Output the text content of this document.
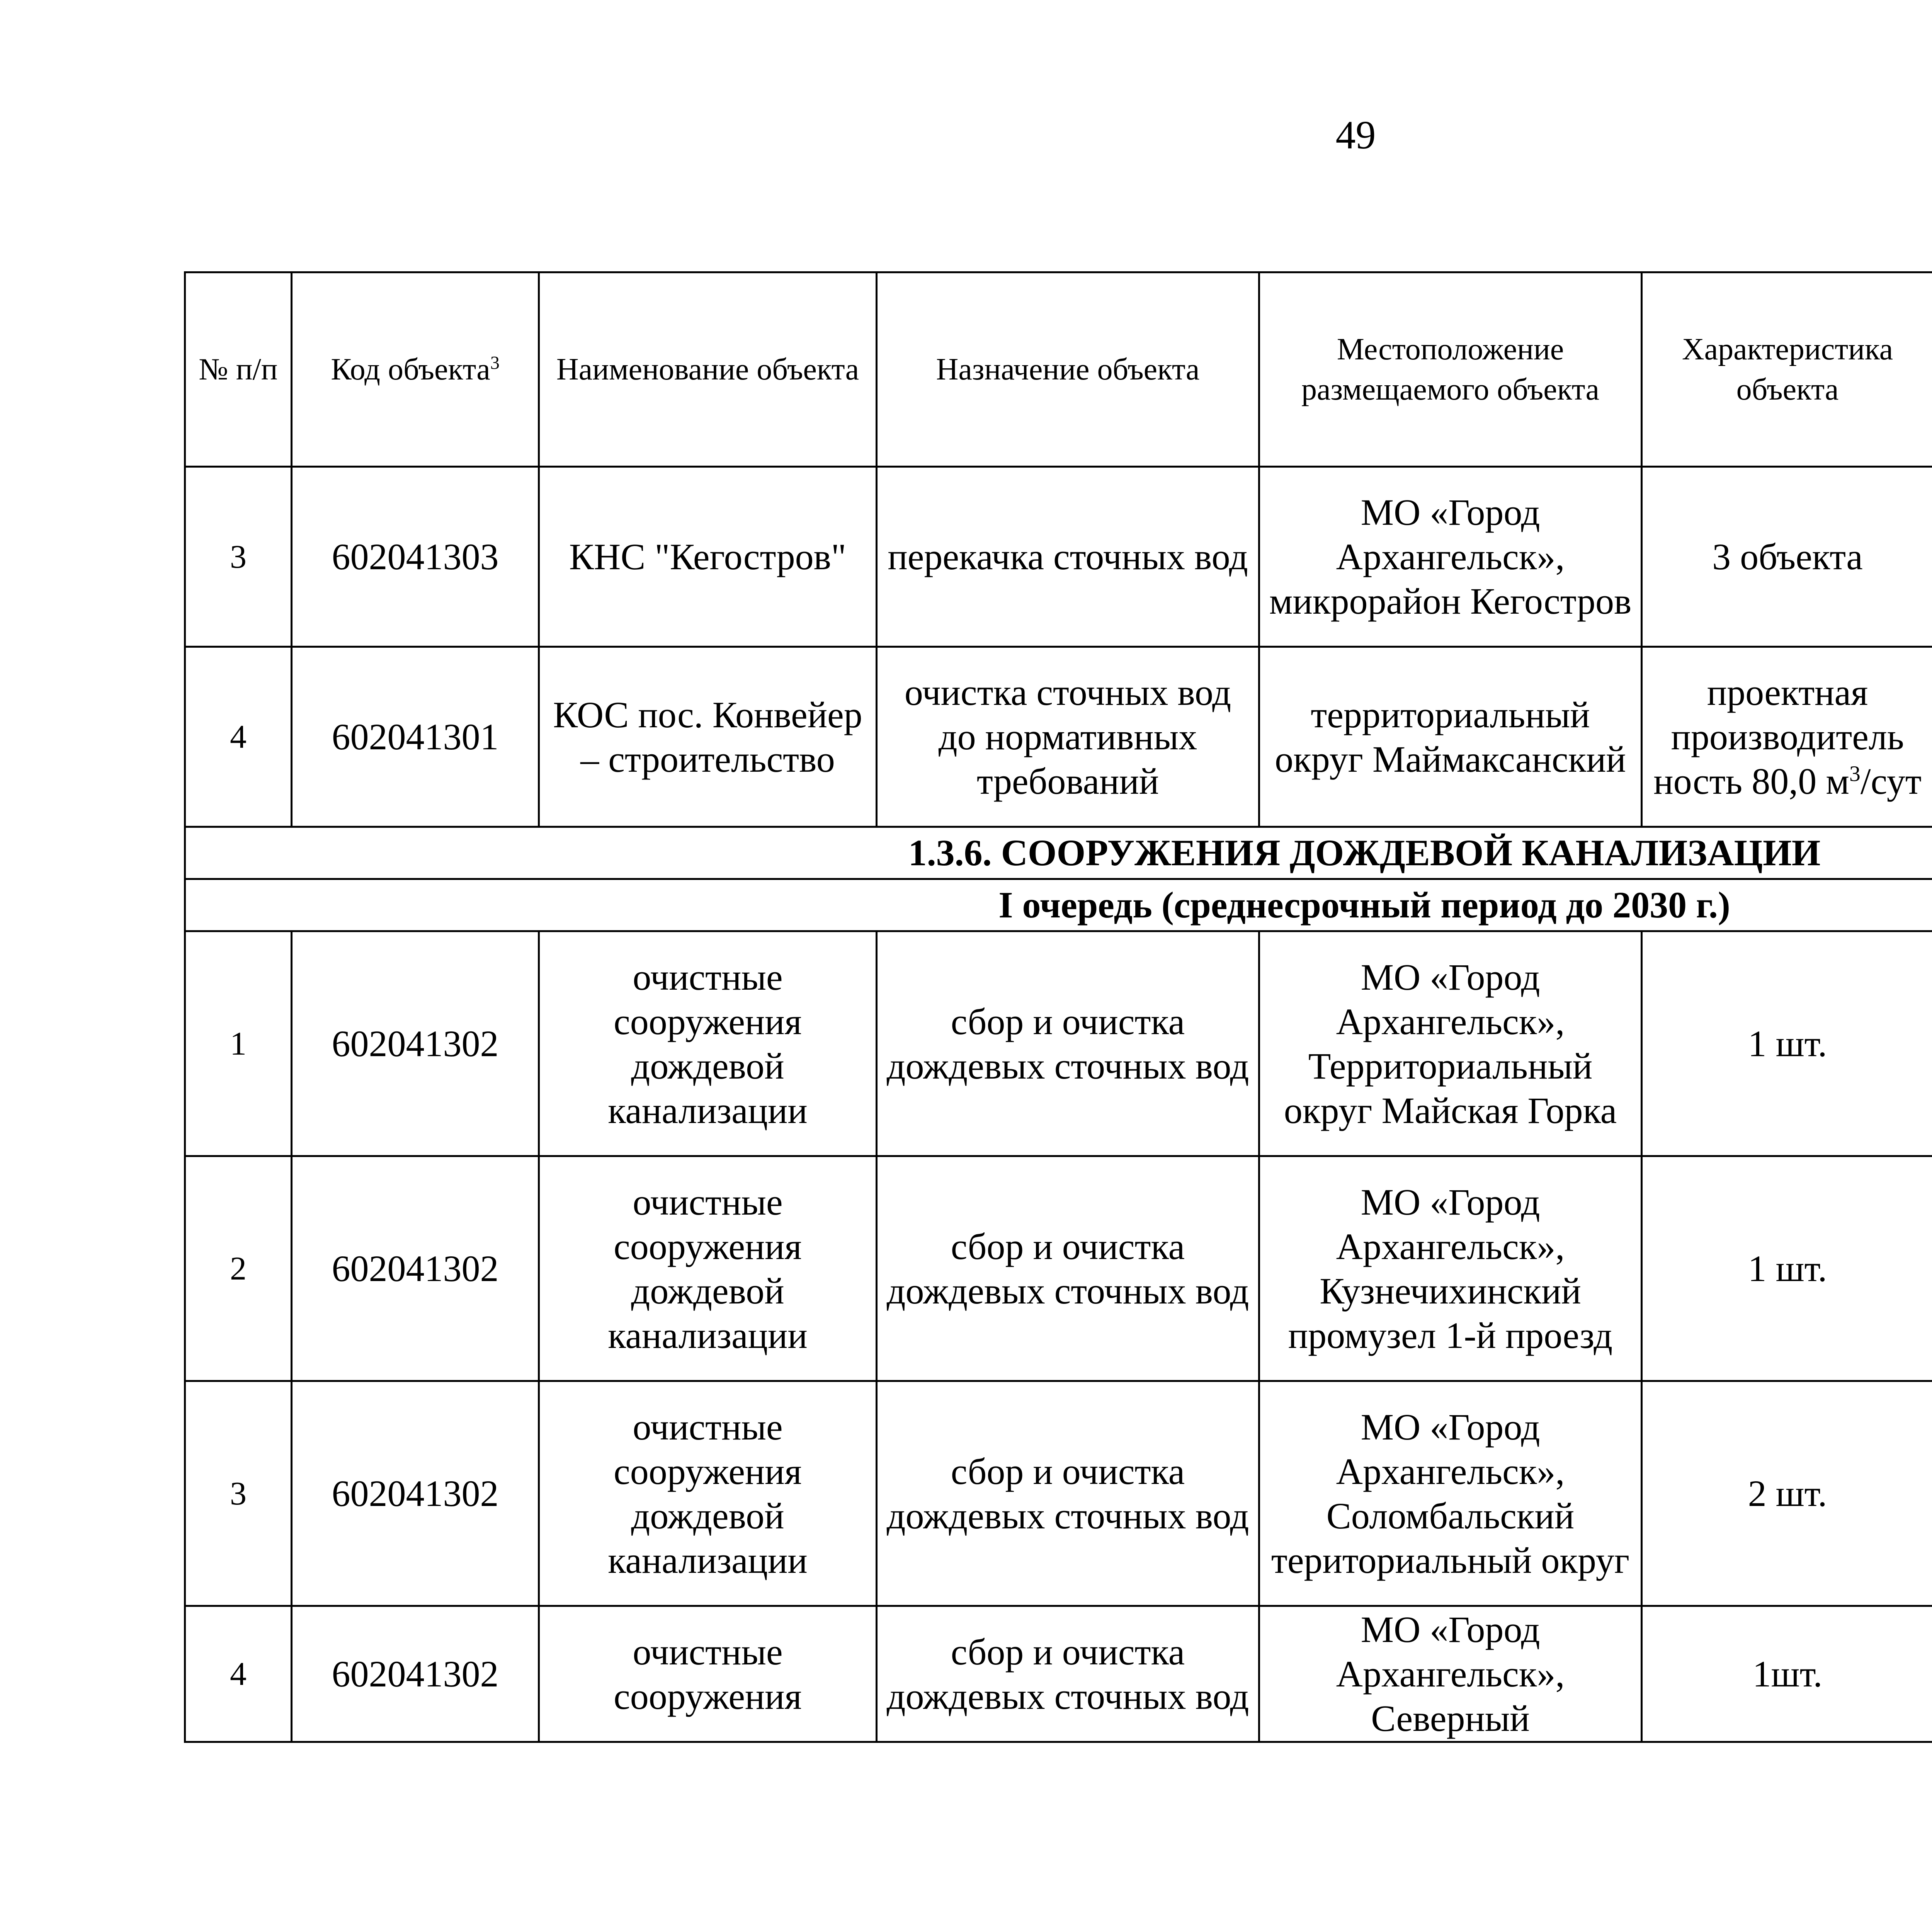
49
№ п/п	Код объекта$^3$	Наименование объекта	Назначение объекта	Местоположение размещаемого объекта	Характеристика объекта	
3	602041303	КНС "Кегостров"	перекачка сточных вод	МО «Город Архангельск», микрорайон Кегостров	3 объекта	
4	602041301	КОС пос. Конвейер – строительство	очистка сточных вод до нормативных требований	территориальный округ Маймаксанский	проектная производитель ность 80,0 $м^3$/сут	
1.3.6. СООРУЖЕНИЯ ДОЖДЕВОЙ КАНАЛИЗАЦИИ						
I очередь (среднесрочный период до 2030 г.)						
1	602041302	очистные сооружения дождевой канализации	сбор и очистка дождевых сточных вод	МО «Город Архангельск», Территориальный округ Майская Горка	1 шт.	
2	602041302	очистные сооружения дождевой канализации	сбор и очистка дождевых сточных вод	МО «Город Архангельск», Кузнечихинский промузел 1-й проезд	1 шт.	
3	602041302	очистные сооружения дождевой канализации	сбор и очистка дождевых сточных вод	МО «Город Архангельск», Соломбальский териториальный округ	2 шт.	
4	602041302	очистные сооружения	сбор и очистка дождевых сточных вод	МО «Город Архангельск», Северный	1шт.	
